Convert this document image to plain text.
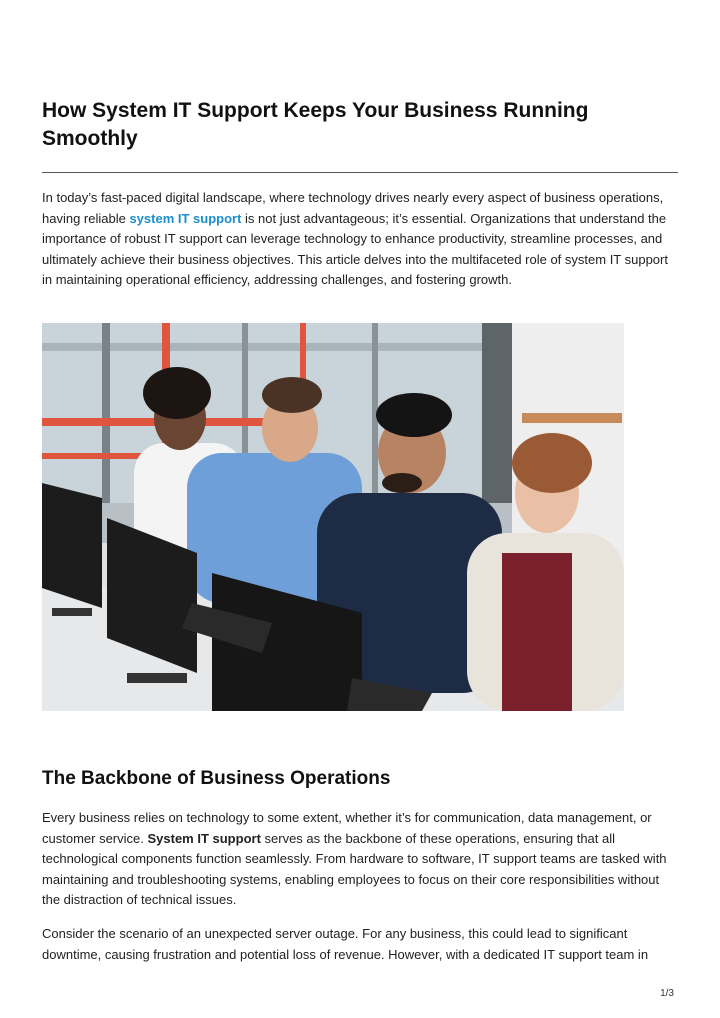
How System IT Support Keeps Your Business Running Smoothly

In today’s fast-paced digital landscape, where technology drives nearly every aspect of business operations, having reliable system IT support is not just advantageous; it’s essential. Organizations that understand the importance of robust IT support can leverage technology to enhance productivity, streamline processes, and ultimately achieve their business objectives. This article delves into the multifaceted role of system IT support in maintaining operational efficiency, addressing challenges, and fostering growth.

The Backbone of Business Operations

Every business relies on technology to some extent, whether it’s for communication, data management, or customer service. System IT support serves as the backbone of these operations, ensuring that all technological components function seamlessly. From hardware to software, IT support teams are tasked with maintaining and troubleshooting systems, enabling employees to focus on their core responsibilities without the distraction of technical issues.

Consider the scenario of an unexpected server outage. For any business, this could lead to significant downtime, causing frustration and potential loss of revenue. However, with a dedicated IT support team in

1/3
